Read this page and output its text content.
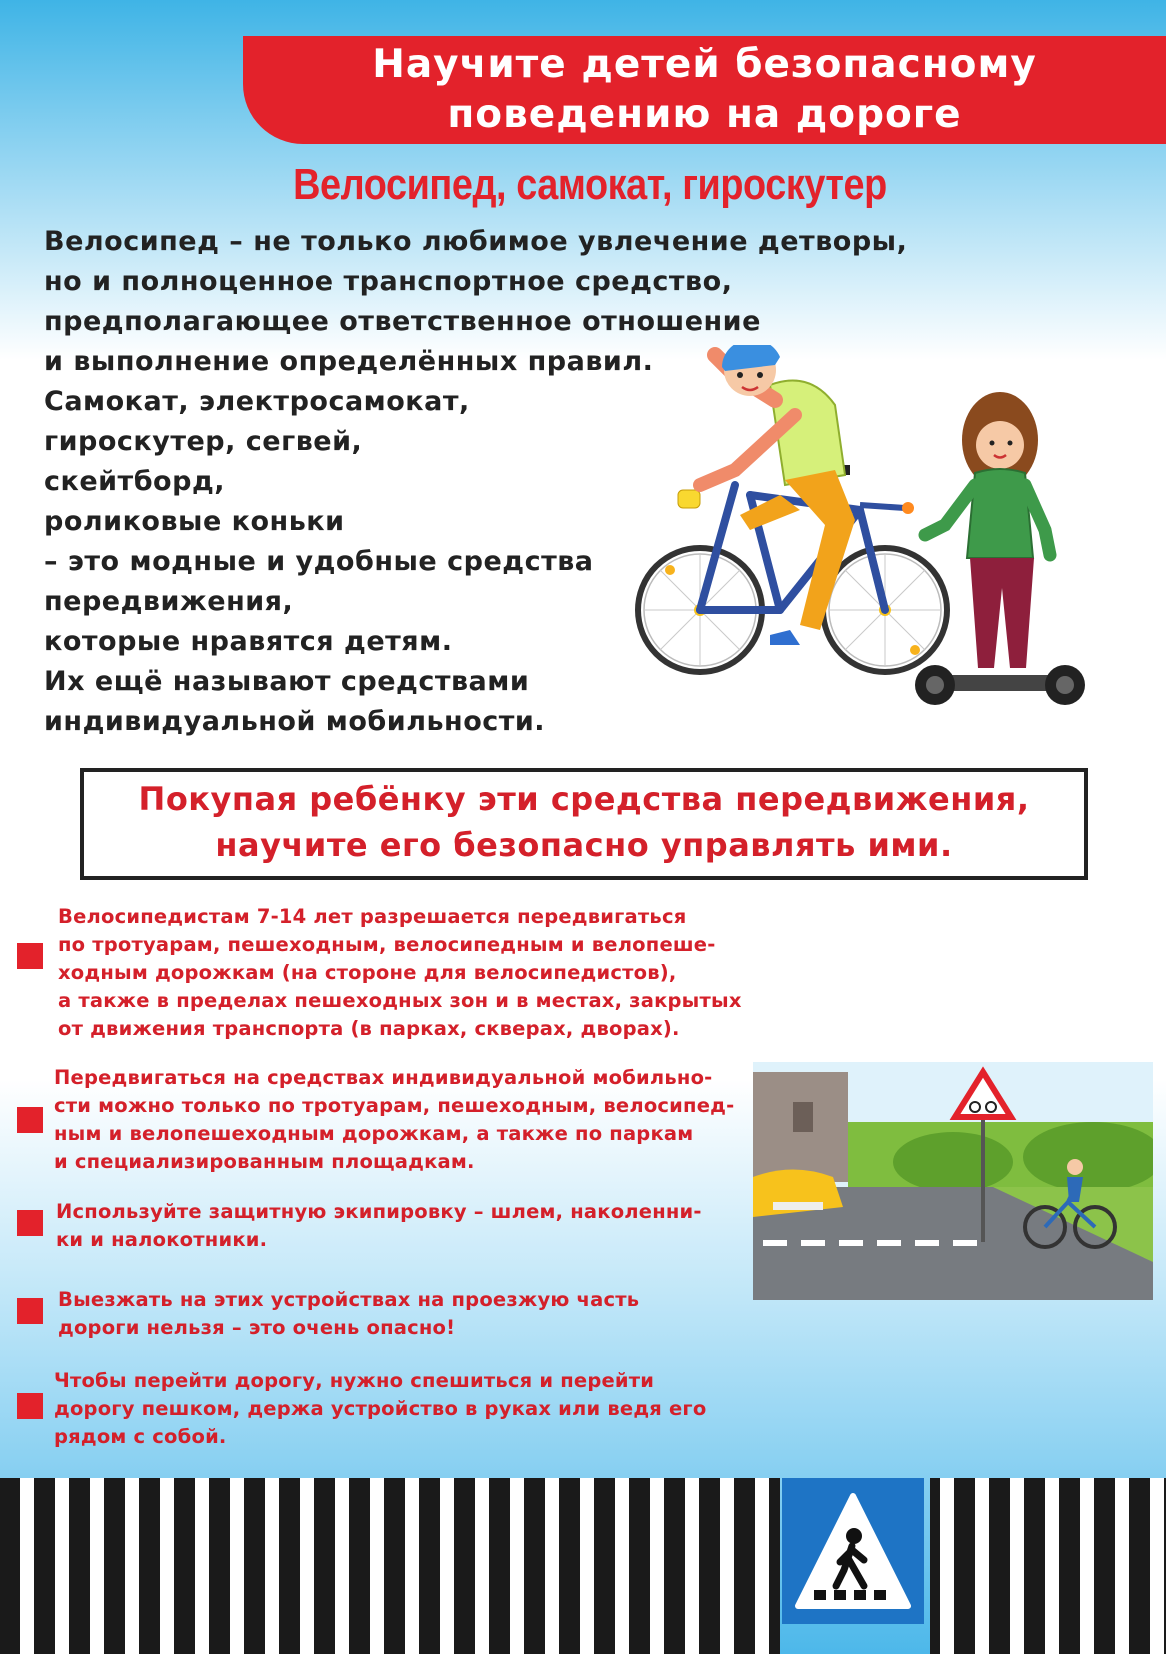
Научите детей безопасному
поведению на дороге
Велосипед, самокат, гироскутер
Велосипед – не только любимое увлечение детворы,
но и полноценное транспортное средство,
предполагающее ответственное отношение
и выполнение определённых правил.
Самокат, электросамокат,
гироскутер, сегвей,
скейтборд,
роликовые коньки
– это модные и удобные средства
передвижения,
которые нравятся детям.
Их ещё называют средствами
индивидуальной мобильности.
Покупая ребёнку эти средства передвижения,
научите его безопасно управлять ими.
Велосипедистам 7-14 лет разрешается передвигаться
по тротуарам, пешеходным, велосипедным и велопеше-
ходным дорожкам (на стороне для велосипедистов),
а также в пределах пешеходных зон и в местах, закрытых
от движения транспорта (в парках, скверах, дворах).
Передвигаться на средствах индивидуальной мобильно-
сти можно только по тротуарам, пешеходным, велосипед-
ным и велопешеходным дорожкам, а также по паркам
и специализированным площадкам.
Используйте защитную экипировку – шлем, наколенни-
ки и налокотники.
Выезжать на этих устройствах на проезжую часть
дороги нельзя – это очень опасно!
Чтобы перейти дорогу, нужно спешиться и перейти
дорогу пешком, держа устройство в руках или ведя его
рядом с собой.
